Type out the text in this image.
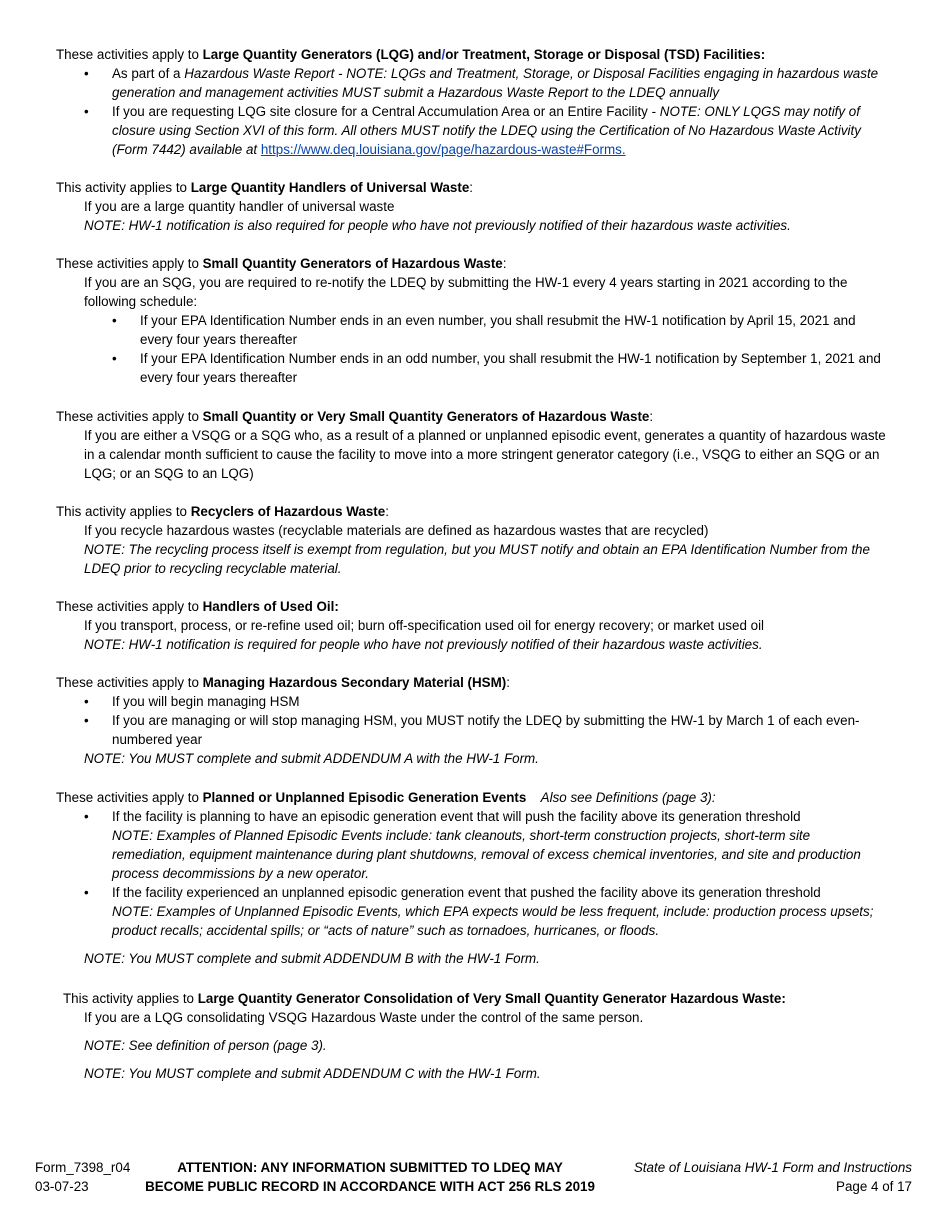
These activities apply to Large Quantity Generators (LQG) and/or Treatment, Storage or Disposal (TSD) Facilities:

• As part of a Hazardous Waste Report - NOTE: LQGs and Treatment, Storage, or Disposal Facilities engaging in hazardous waste generation and management activities MUST submit a Hazardous Waste Report to the LDEQ annually
• If you are requesting LQG site closure for a Central Accumulation Area or an Entire Facility - NOTE: ONLY LQGS may notify of closure using Section XVI of this form. All others MUST notify the LDEQ using the Certification of No Hazardous Waste Activity (Form 7442) available at https://www.deq.louisiana.gov/page/hazardous-waste#Forms.

This activity applies to Large Quantity Handlers of Universal Waste:

If you are a large quantity handler of universal waste

NOTE: HW-1 notification is also required for people who have not previously notified of their hazardous waste activities.

These activities apply to Small Quantity Generators of Hazardous Waste:

If you are an SQG, you are required to re-notify the LDEQ by submitting the HW-1 every 4 years starting in 2021 according to the following schedule:

• If your EPA Identification Number ends in an even number, you shall resubmit the HW-1 notification by April 15, 2021 and every four years thereafter
• If your EPA Identification Number ends in an odd number, you shall resubmit the HW-1 notification by September 1, 2021 and every four years thereafter

These activities apply to Small Quantity or Very Small Quantity Generators of Hazardous Waste:

If you are either a VSQG or a SQG who, as a result of a planned or unplanned episodic event, generates a quantity of hazardous waste in a calendar month sufficient to cause the facility to move into a more stringent generator category (i.e., VSQG to either an SQG or an LQG; or an SQG to an LQG)

This activity applies to Recyclers of Hazardous Waste:

If you recycle hazardous wastes (recyclable materials are defined as hazardous wastes that are recycled)

NOTE: The recycling process itself is exempt from regulation, but you MUST notify and obtain an EPA Identification Number from the LDEQ prior to recycling recyclable material.

These activities apply to Handlers of Used Oil:

If you transport, process, or re-refine used oil; burn off-specification used oil for energy recovery; or market used oil

NOTE: HW-1 notification is required for people who have not previously notified of their hazardous waste activities.

These activities apply to Managing Hazardous Secondary Material (HSM):

• If you will begin managing HSM
• If you are managing or will stop managing HSM, you MUST notify the LDEQ by submitting the HW-1 by March 1 of each even-numbered year

NOTE: You MUST complete and submit ADDENDUM A with the HW-1 Form.

These activities apply to Planned or Unplanned Episodic Generation Events    Also see Definitions (page 3):

• If the facility is planning to have an episodic generation event that will push the facility above its generation threshold
NOTE: Examples of Planned Episodic Events include: tank cleanouts, short-term construction projects, short-term site remediation, equipment maintenance during plant shutdowns, removal of excess chemical inventories, and site and production process decommissions by a new operator.
• If the facility experienced an unplanned episodic generation event that pushed the facility above its generation threshold
NOTE: Examples of Unplanned Episodic Events, which EPA expects would be less frequent, include: production process upsets; product recalls; accidental spills; or “acts of nature” such as tornadoes, hurricanes, or floods.

NOTE: You MUST complete and submit ADDENDUM B with the HW-1 Form.

This activity applies to Large Quantity Generator Consolidation of Very Small Quantity Generator Hazardous Waste:

If you are a LQG consolidating VSQG Hazardous Waste under the control of the same person.

NOTE: See definition of person (page 3).

NOTE: You MUST complete and submit ADDENDUM C with the HW-1 Form.

Form_7398_r04
03-07-23
ATTENTION: ANY INFORMATION SUBMITTED TO LDEQ MAY
BECOME PUBLIC RECORD IN ACCORDANCE WITH ACT 256 RLS 2019
State of Louisiana HW-1 Form and Instructions
Page 4 of 17
